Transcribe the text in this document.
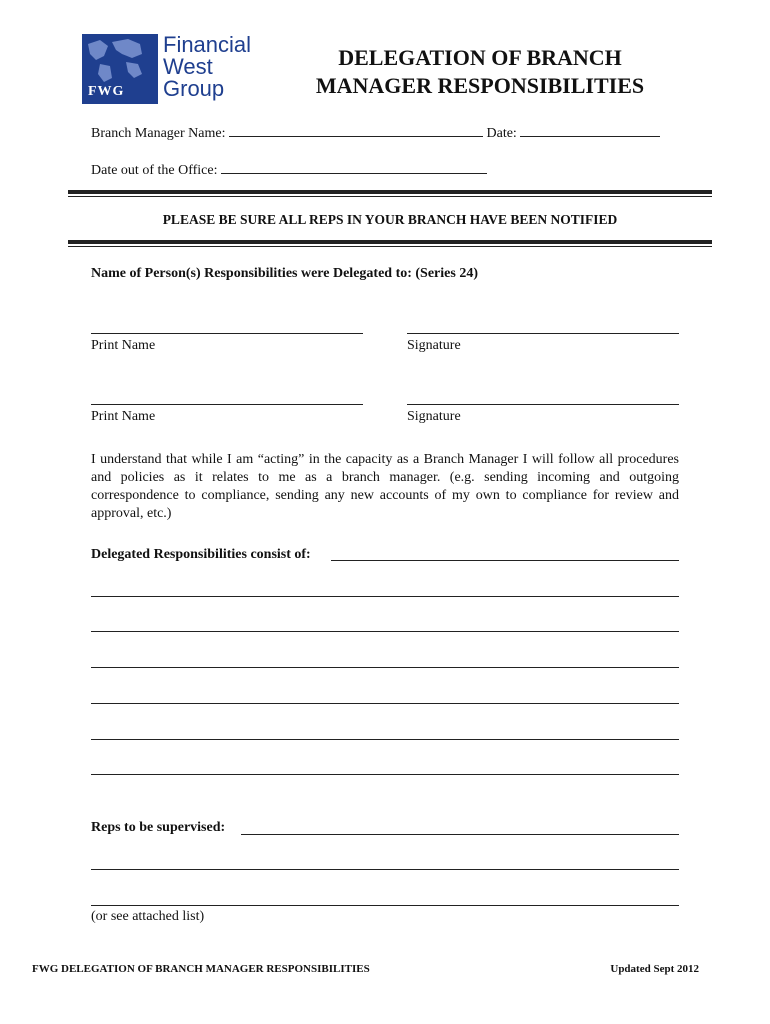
FWG
Financial
West
Group
DELEGATION OF BRANCH
MANAGER RESPONSIBILITIES
Branch Manager Name:	Date:
Date out of the Office:
PLEASE BE SURE ALL REPS IN YOUR BRANCH HAVE BEEN NOTIFIED
Name of Person(s) Responsibilities were Delegated to: (Series 24)
Print Name	Signature
Print Name	Signature
I understand that while I am “acting” in the capacity as a Branch Manager I will follow all procedures and policies as it relates to me as a branch manager. (e.g. sending incoming and outgoing correspondence to compliance, sending any new accounts of my own to compliance for review and approval, etc.)
Delegated Responsibilities consist of:
Reps to be supervised:
(or see attached list)
FWG DELEGATION OF BRANCH MANAGER RESPONSIBILITIES	Updated Sept 2012
